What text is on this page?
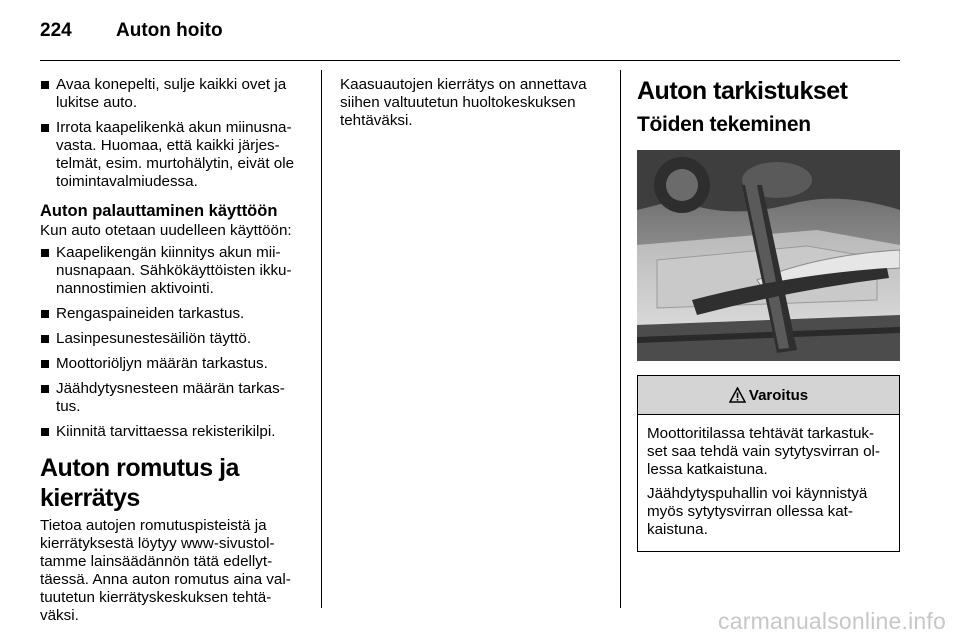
224 Auton hoito
Avaa konepelti, sulje kaikki ovet ja lukitse auto.
Irrota kaapelikenkä akun miinusna- vasta. Huomaa, että kaikki järjes- telmät, esim. murtohälytin, eivät ole toimintavalmiudessa.
Auton palauttaminen käyttöön

Kun auto otetaan uudelleen käyttöön:

Kaapelikengän kiinnitys akun mii- nusnapaan. Sähkökäyttöisten ikku- nannostimien aktivointi.
Rengaspaineiden tarkastus.
Lasinpesunestesäiliön täyttö.
Moottoriöljyn määrän tarkastus.
Jäähdytysnesteen määrän tarkas- tus.
Kiinnitä tarvittaessa rekisterikilpi.
Auton romutus ja kierrätys

Tietoa autojen romutuspisteistä ja kierrätyksestä löytyy www-sivustol- tamme lainsäädännön tätä edellyt- täessä. Anna auton romutus aina val- tuutetun kierrätyskeskuksen tehtä- väksi.

Kaasuautojen kierrätys on annettava siihen valtuutetun huoltokeskuksen tehtäväksi.

Auton tarkistukset
Töiden tekeminen
Varoitus

Moottoritilassa tehtävät tarkastuk- set saa tehdä vain sytytysvirran ol- lessa katkaistuna.

Jäähdytyspuhallin voi käynnistyä myös sytytysvirran ollessa kat- kaistuna.

carmanualsonline.info
